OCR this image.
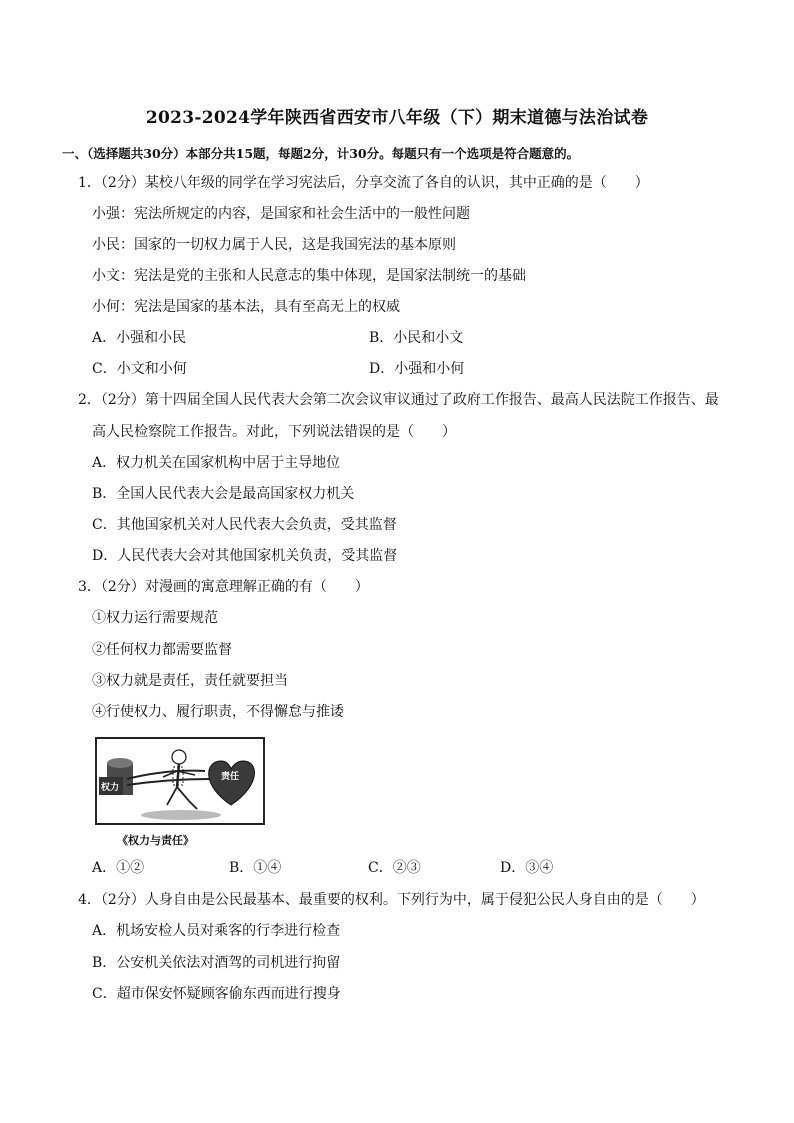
2023-2024学年陕西省西安市八年级（下）期末道德与法治试卷
一、（选择题共30分）本部分共15题，每题2分，计30分。每题只有一个选项是符合题意的。
1．（2分）某校八年级的同学在学习宪法后，分享交流了各自的认识，其中正确的是（　　）
小强：宪法所规定的内容，是国家和社会生活中的一般性问题
小民：国家的一切权力属于人民，这是我国宪法的基本原则
小文：宪法是党的主张和人民意志的集中体现，是国家法制统一的基础
小何：宪法是国家的基本法，具有至高无上的权威
A．小强和小民	B．小民和小文
C．小文和小何	D．小强和小何
2．（2分）第十四届全国人民代表大会第二次会议审议通过了政府工作报告、最高人民法院工作报告、最
高人民检察院工作报告。对此，下列说法错误的是（　　）
A．权力机关在国家机构中居于主导地位
B．全国人民代表大会是最高国家权力机关
C．其他国家机关对人民代表大会负责，受其监督
D．人民代表大会对其他国家机关负责，受其监督
3．（2分）对漫画的寓意理解正确的有（　　）
①权力运行需要规范
②任何权力都需要监督
③权力就是责任，责任就要担当
④行使权力、履行职责，不得懈怠与推诿
权力
责任
《权力与责任》
A．①②	B．①④	C．②③	D．③④
4．（2分）人身自由是公民最基本、最重要的权利。下列行为中，属于侵犯公民人身自由的是（　　）
A．机场安检人员对乘客的行李进行检查
B．公安机关依法对酒驾的司机进行拘留
C．超市保安怀疑顾客偷东西而进行搜身
